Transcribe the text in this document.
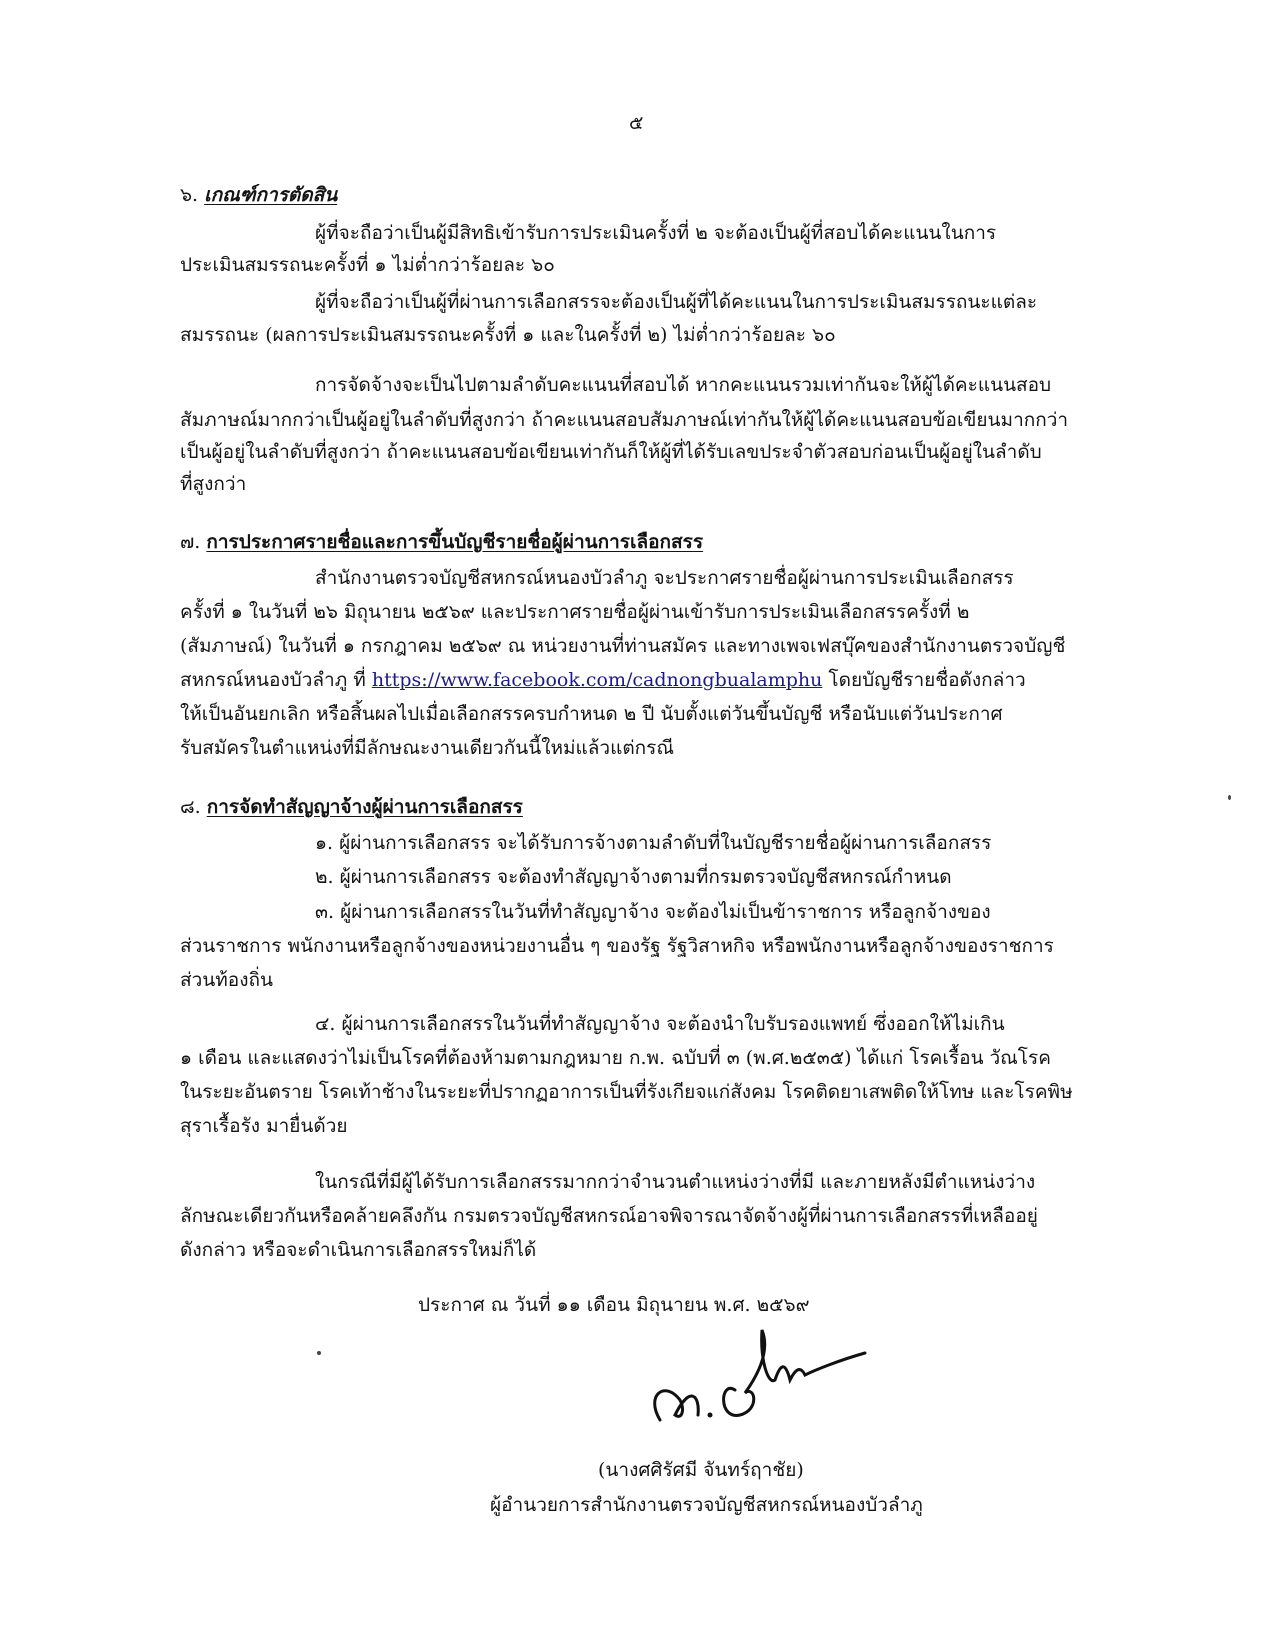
๕
๖. เกณฑ์การตัดสิน
ผู้ที่จะถือว่าเป็นผู้มีสิทธิเข้ารับการประเมินครั้งที่ ๒ จะต้องเป็นผู้ที่สอบได้คะแนนในการ
ประเมินสมรรถนะครั้งที่ ๑ ไม่ต่ำกว่าร้อยละ ๖๐
ผู้ที่จะถือว่าเป็นผู้ที่ผ่านการเลือกสรรจะต้องเป็นผู้ที่ได้คะแนนในการประเมินสมรรถนะแต่ละ
สมรรถนะ (ผลการประเมินสมรรถนะครั้งที่ ๑ และในครั้งที่ ๒) ไม่ต่ำกว่าร้อยละ ๖๐
การจัดจ้างจะเป็นไปตามลำดับคะแนนที่สอบได้ หากคะแนนรวมเท่ากันจะให้ผู้ได้คะแนนสอบ
สัมภาษณ์มากกว่าเป็นผู้อยู่ในลำดับที่สูงกว่า ถ้าคะแนนสอบสัมภาษณ์เท่ากันให้ผู้ได้คะแนนสอบข้อเขียนมากกว่า
เป็นผู้อยู่ในลำดับที่สูงกว่า ถ้าคะแนนสอบข้อเขียนเท่ากันก็ให้ผู้ที่ได้รับเลขประจำตัวสอบก่อนเป็นผู้อยู่ในลำดับ
ที่สูงกว่า
๗. การประกาศรายชื่อและการขึ้นบัญชีรายชื่อผู้ผ่านการเลือกสรร
สำนักงานตรวจบัญชีสหกรณ์หนองบัวลำภู จะประกาศรายชื่อผู้ผ่านการประเมินเลือกสรร
ครั้งที่ ๑ ในวันที่ ๒๖ มิถุนายน ๒๕๖๙ และประกาศรายชื่อผู้ผ่านเข้ารับการประเมินเลือกสรรครั้งที่ ๒
(สัมภาษณ์) ในวันที่ ๑ กรกฎาคม ๒๕๖๙ ณ หน่วยงานที่ท่านสมัคร และทางเพจเฟสบุ๊คของสำนักงานตรวจบัญชี
สหกรณ์หนองบัวลำภู ที่ https://www.facebook.com/cadnongbualamphu โดยบัญชีรายชื่อดังกล่าว
ให้เป็นอันยกเลิก หรือสิ้นผลไปเมื่อเลือกสรรครบกำหนด ๒ ปี นับตั้งแต่วันขึ้นบัญชี หรือนับแต่วันประกาศ
รับสมัครในตำแหน่งที่มีลักษณะงานเดียวกันนี้ใหม่แล้วแต่กรณี
๘. การจัดทำสัญญาจ้างผู้ผ่านการเลือกสรร
๑. ผู้ผ่านการเลือกสรร จะได้รับการจ้างตามลำดับที่ในบัญชีรายชื่อผู้ผ่านการเลือกสรร
๒. ผู้ผ่านการเลือกสรร จะต้องทำสัญญาจ้างตามที่กรมตรวจบัญชีสหกรณ์กำหนด
๓. ผู้ผ่านการเลือกสรรในวันที่ทำสัญญาจ้าง จะต้องไม่เป็นข้าราชการ หรือลูกจ้างของ
ส่วนราชการ พนักงานหรือลูกจ้างของหน่วยงานอื่น ๆ ของรัฐ รัฐวิสาหกิจ หรือพนักงานหรือลูกจ้างของราชการ
ส่วนท้องถิ่น
๔. ผู้ผ่านการเลือกสรรในวันที่ทำสัญญาจ้าง จะต้องนำใบรับรองแพทย์ ซึ่งออกให้ไม่เกิน
๑ เดือน และแสดงว่าไม่เป็นโรคที่ต้องห้ามตามกฎหมาย ก.พ. ฉบับที่ ๓ (พ.ศ.๒๕๓๕) ได้แก่ โรคเรื้อน วัณโรค
ในระยะอันตราย โรคเท้าช้างในระยะที่ปรากฏอาการเป็นที่รังเกียจแก่สังคม โรคติดยาเสพติดให้โทษ และโรคพิษ
สุราเรื้อรัง มายื่นด้วย
ในกรณีที่มีผู้ได้รับการเลือกสรรมากกว่าจำนวนตำแหน่งว่างที่มี และภายหลังมีตำแหน่งว่าง
ลักษณะเดียวกันหรือคล้ายคลึงกัน กรมตรวจบัญชีสหกรณ์อาจพิจารณาจัดจ้างผู้ที่ผ่านการเลือกสรรที่เหลืออยู่
ดังกล่าว หรือจะดำเนินการเลือกสรรใหม่ก็ได้
ประกาศ ณ วันที่ ๑๑ เดือน มิถุนายน พ.ศ. ๒๕๖๙
(นางศศิรัศมี จันทร์ฤาชัย)
ผู้อำนวยการสำนักงานตรวจบัญชีสหกรณ์หนองบัวลำภู
